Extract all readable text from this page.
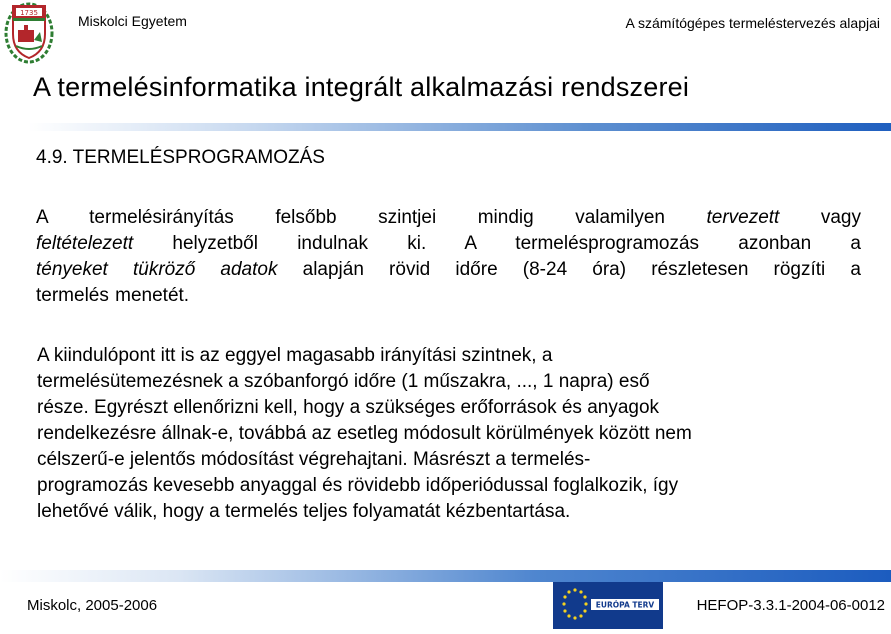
1735	Miskolci Egyetem	A számítógépes termeléstervezés alapjai
A termelésinformatika integrált alkalmazási rendszerei
4.9. TERMELÉSPROGRAMOZÁS

A termelésirányítás felsőbb szintjei mindig valamilyen tervezett vagy
feltételezett helyzetből indulnak ki. A termelésprogramozás azonban a
tényeket tükröző adatok alapján rövid időre (8-24 óra) részletesen rögzíti a
termelés menetét.

A kiindulópont itt is az eggyel magasabb irányítási szintnek, a
termelésütemezésnek a szóbanforgó időre (1 műszakra, ..., 1 napra) eső
része. Egyrészt ellenőrizni kell, hogy a szükséges erőforrások és anyagok
rendelkezésre állnak-e, továbbá az esetleg módosult körülmények között nem
célszerű-e jelentős módosítást végrehajtani. Másrészt a termelés-
programozás kevesebb anyaggal és rövidebb időperiódussal foglalkozik, így
lehetővé válik, hogy a termelés teljes folyamatát kézbentartása.

Miskolc, 2005-2006	EURÓPA TERV	HEFOP-3.3.1-2004-06-0012
